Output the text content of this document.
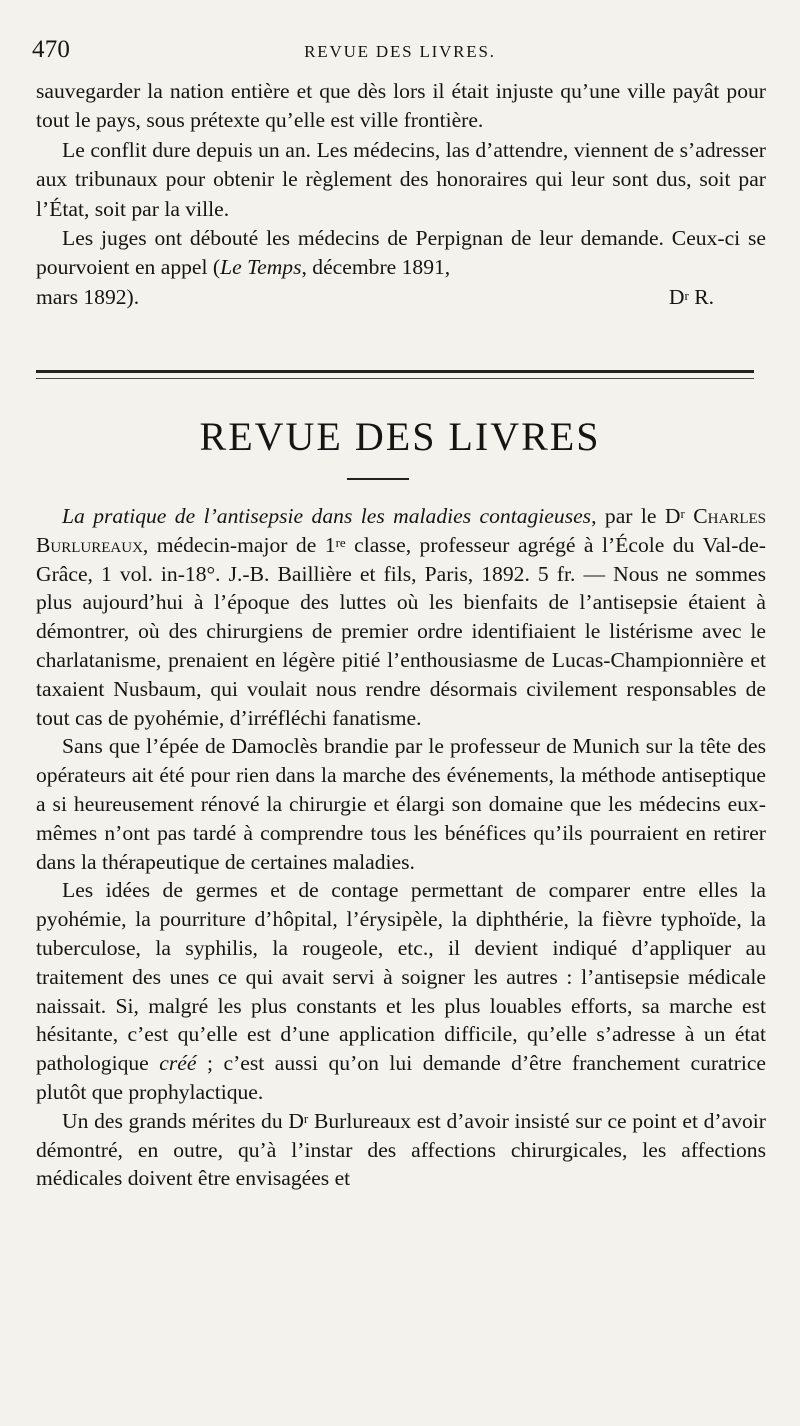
470	REVUE DES LIVRES.

sauvegarder la nation entière et que dès lors il était injuste qu’une ville payât pour tout le pays, sous prétexte qu’elle est ville frontière.

Le conflit dure depuis un an. Les médecins, las d’attendre, viennent de s’adresser aux tribunaux pour obtenir le règlement des honoraires qui leur sont dus, soit par l’État, soit par la ville.

Les juges ont débouté les médecins de Perpignan de leur demande. Ceux-ci se pourvoient en appel (Le Temps, décembre 1891,

mars 1892).	$D^r$ R.

REVUE DES LIVRES

La pratique de l’antisepsie dans les maladies contagieuses, par le $D^r$ Charles Burlureaux, médecin-major de 1re classe, professeur agrégé à l’École du Val-de-Grâce, 1 vol. in-18°. J.-B. Baillière et fils, Paris, 1892. 5 fr. — Nous ne sommes plus aujourd’hui à l’époque des luttes où les bienfaits de l’antisepsie étaient à démontrer, où des chirurgiens de premier ordre identifiaient le listérisme avec le charlatanisme, prenaient en légère pitié l’enthousiasme de Lucas-Championnière et taxaient Nusbaum, qui voulait nous rendre désormais civilement responsables de tout cas de pyohémie, d’irréfléchi fanatisme.

Sans que l’épée de Damoclès brandie par le professeur de Munich sur la tête des opérateurs ait été pour rien dans la marche des événements, la méthode antiseptique a si heureusement rénové la chirurgie et élargi son domaine que les médecins eux-mêmes n’ont pas tardé à comprendre tous les bénéfices qu’ils pourraient en retirer dans la thérapeutique de certaines maladies.

Les idées de germes et de contage permettant de comparer entre elles la pyohémie, la pourriture d’hôpital, l’érysipèle, la diphthérie, la fièvre typhoïde, la tuberculose, la syphilis, la rougeole, etc., il devient indiqué d’appliquer au traitement des unes ce qui avait servi à soigner les autres : l’antisepsie médicale naissait. Si, malgré les plus constants et les plus louables efforts, sa marche est hésitante, c’est qu’elle est d’une application difficile, qu’elle s’adresse à un état pathologique créé ; c’est aussi qu’on lui demande d’être franchement curatrice plutôt que prophylactique.

Un des grands mérites du $D^r$ Burlureaux est d’avoir insisté sur ce point et d’avoir démontré, en outre, qu’à l’instar des affections chirurgicales, les affections médicales doivent être envisagées et
